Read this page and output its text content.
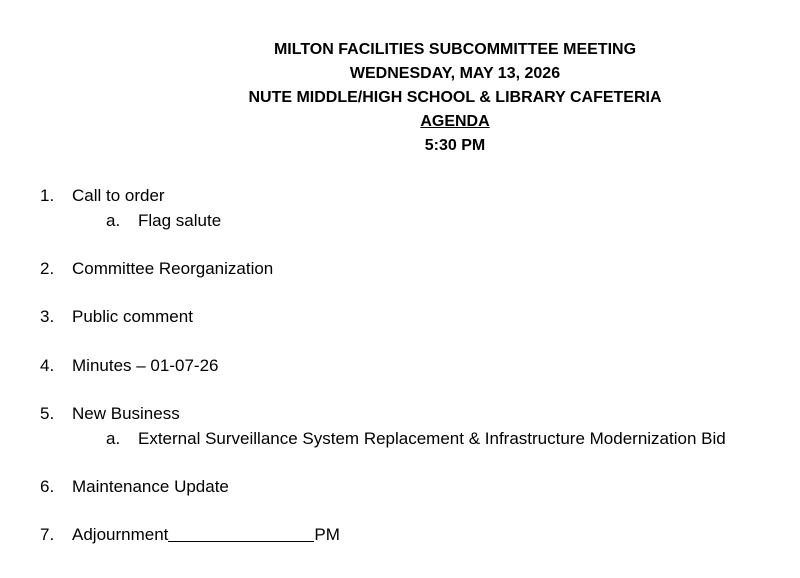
MILTON FACILITIES SUBCOMMITTEE MEETING
WEDNESDAY, MAY 13, 2026
NUTE MIDDLE/HIGH SCHOOL & LIBRARY CAFETERIA
AGENDA
5:30 PM
1. Call to order
a. Flag salute
2. Committee Reorganization
3. Public comment
4. Minutes – 01-07-26
5. New Business
a. External Surveillance System Replacement & Infrastructure Modernization Bid
6. Maintenance Update
7. Adjournment	PM
